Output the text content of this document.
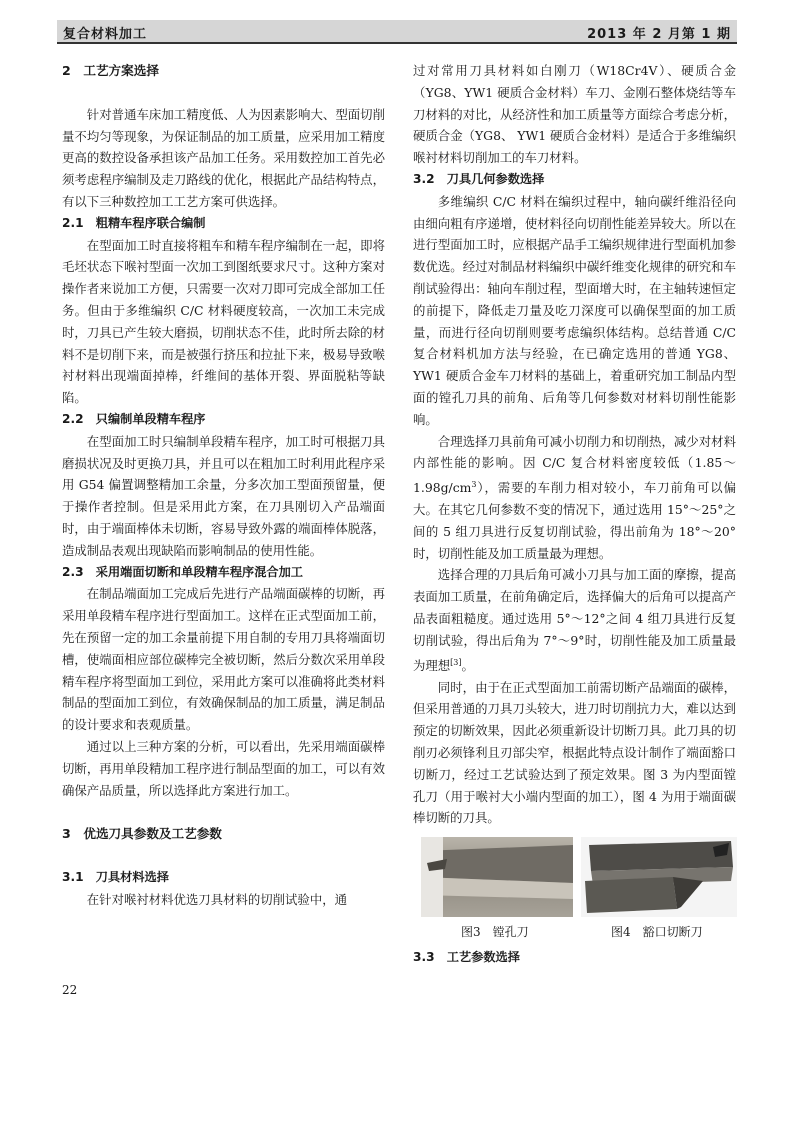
复合材料加工	2013 年 2 月第 1 期
2　工艺方案选择
针对普通车床加工精度低、人为因素影响大、型面切削量不均匀等现象，为保证制品的加工质量，应采用加工精度更高的数控设备承担该产品加工任务。采用数控加工首先必须考虑程序编制及走刀路线的优化，根据此产品结构特点，有以下三种数控加工工艺方案可供选择。
2.1　粗精车程序联合编制
在型面加工时直接将粗车和精车程序编制在一起，即将毛坯状态下喉衬型面一次加工到图纸要求尺寸。这种方案对操作者来说加工方便，只需要一次对刀即可完成全部加工任务。但由于多维编织 C/C 材料硬度较高，一次加工未完成时，刀具已产生较大磨损，切削状态不佳，此时所去除的材料不是切削下来，而是被强行挤压和拉扯下来，极易导致喉衬材料出现端面掉棒，纤维间的基体开裂、界面脱粘等缺陷。
2.2　只编制单段精车程序
在型面加工时只编制单段精车程序，加工时可根据刀具磨损状况及时更换刀具，并且可以在粗加工时利用此程序采用 G54 偏置调整精加工余量，分多次加工型面预留量，便于操作者控制。但是采用此方案，在刀具刚切入产品端面时，由于端面棒体未切断，容易导致外露的端面棒体脱落，造成制品表观出现缺陷而影响制品的使用性能。
2.3　采用端面切断和单段精车程序混合加工
在制品端面加工完成后先进行产品端面碳棒的切断，再采用单段精车程序进行型面加工。这样在正式型面加工前，先在预留一定的加工余量前提下用自制的专用刀具将端面切槽，使端面相应部位碳棒完全被切断，然后分数次采用单段精车程序将型面加工到位，采用此方案可以准确将此类材料制品的型面加工到位，有效确保制品的加工质量，满足制品的设计要求和表观质量。
通过以上三种方案的分析，可以看出，先采用端面碳棒切断，再用单段精加工程序进行制品型面的加工，可以有效确保产品质量，所以选择此方案进行加工。
3　优选刀具参数及工艺参数
3.1　刀具材料选择
在针对喉衬材料优选刀具材料的切削试验中，通
过对常用刀具材料如白刚刀（W18Cr4V）、硬质合金（YG8、YW1 硬质合金材料）车刀、金刚石整体烧结等车刀材料的对比，从经济性和加工质量等方面综合考虑分析，硬质合金（YG8、 YW1 硬质合金材料）是适合于多维编织喉衬材料切削加工的车刀材料。
3.2　刀具几何参数选择
多维编织 C/C 材料在编织过程中，轴向碳纤维沿径向由细向粗有序递增，使材料径向切削性能差异较大。所以在进行型面加工时，应根据产品手工编织规律进行型面机加参数优选。经过对制品材料编织中碳纤维变化规律的研究和车削试验得出：轴向车削过程，型面增大时，在主轴转速恒定的前提下，降低走刀量及吃刀深度可以确保型面的加工质量，而进行径向切削则要考虑编织体结构。总结普通 C/C 复合材料机加方法与经验，在已确定选用的普通 YG8、YW1 硬质合金车刀材料的基础上，着重研究加工制品内型面的镗孔刀具的前角、后角等几何参数对材料切削性能影响。
合理选择刀具前角可减小切削力和切削热，减少对材料内部性能的影响。因 C/C 复合材料密度较低$(1.85\sim 1.98g/cm^3)$，需要的车削力相对较小，车刀前角可以偏大。在其它几何参数不变的情况下，通过选用 15°～25°之间的 5 组刀具进行反复切削试验，得出前角为 18°～20°时，切削性能及加工质量最为理想。
选择合理的刀具后角可减小刀具与加工面的摩擦，提高表面加工质量，在前角确定后，选择偏大的后角可以提高产品表面粗糙度。通过选用 5°～12°之间 4 组刀具进行反复切削试验，得出后角为 7°～9°时，切削性能及加工质量最为理想[3]。
同时，由于在正式型面加工前需切断产品端面的碳棒，但采用普通的刀具刀头较大，进刀时切削抗力大，难以达到预定的切断效果，因此必须重新设计切断刀具。此刀具的切削刃必须锋利且刃部尖窄，根据此特点设计制作了端面豁口切断刀，经过工艺试验达到了预定效果。图 3 为内型面镗孔刀（用于喉衬大小端内型面的加工），图 4 为用于端面碳棒切断的刀具。
图3　镗孔刀	图4　豁口切断刀
3.3　工艺参数选择
22
